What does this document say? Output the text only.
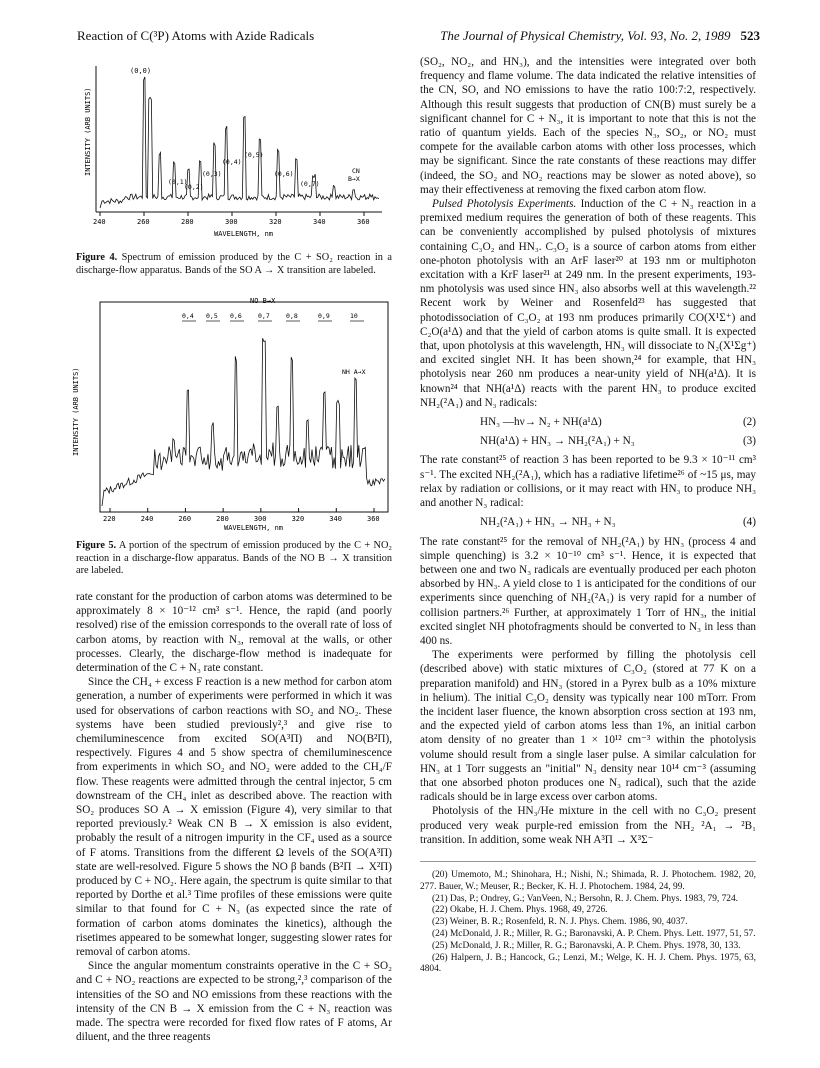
Reaction of C(³P) Atoms with Azide Radicals	The Journal of Physical Chemistry, Vol. 93, No. 2, 1989 523
INTENSITY (ARB UNITS)
240	260	280	300	320	340	360
(0,0)
(0,1)
(0,2)
(0,3)
(0,4)
(0,5)
(0,6)
(0,7)
CN
B→X
WAVELENGTH, nm
Figure 4. Spectrum of emission produced by the C + SO₂ reaction in a discharge-flow apparatus. Bands of the SO A → X transition are labeled.
INTENSITY (ARB UNITS)
220	240	260	280	300	320	340	360
NO B→X
0,4 0,5 0,6	0,7	0,8	0,9	10
NH A→X
WAVELENGTH, nm
Figure 5. A portion of the spectrum of emission produced by the C + NO₂ reaction in a discharge-flow apparatus. Bands of the NO B → X transition are labeled.

rate constant for the production of carbon atoms was determined to be approximately 8 × 10⁻¹² cm³ s⁻¹. Hence, the rapid (and poorly resolved) rise of the emission corresponds to the overall rate of loss of carbon atoms, by reaction with N₃, removal at the walls, or other processes. Clearly, the discharge-flow method is inadequate for determination of the C + N₃ rate constant.

Since the CH₄ + excess F reaction is a new method for carbon atom generation, a number of experiments were performed in which it was used for observations of carbon reactions with SO₂ and NO₂. These systems have been studied previously²,³ and give rise to chemiluminescence from excited SO(A³Π) and NO(B²Π), respectively. Figures 4 and 5 show spectra of chemiluminescence from experiments in which SO₂ and NO₂ were added to the CH₄/F flow. These reagents were admitted through the central injector, 5 cm downstream of the CH₄ inlet as described above. The reaction with SO₂ produces SO A → X emission (Figure 4), very similar to that reported previously.² Weak CN B → X emission is also evident, probably the result of a nitrogen impurity in the CF₄ used as a source of F atoms. Transitions from the different Ω levels of the SO(A³Π) state are well-resolved. Figure 5 shows the NO β bands (B²Π → X²Π) produced by C + NO₂. Here again, the spectrum is quite similar to that reported by Dorthe et al.³ Time profiles of these emissions were quite similar to that found for C + N₃ (as expected since the rate of formation of carbon atoms dominates the kinetics), although the risetimes appeared to be somewhat longer, suggesting slower rates for removal of carbon atoms.

Since the angular momentum constraints operative in the C + SO₂ and C + NO₂ reactions are expected to be strong,²,³ comparison of the intensities of the SO and NO emissions from these reactions with the intensity of the CN B → X emission from the C + N₃ reaction was made. The spectra were recorded for fixed flow rates of F atoms, Ar diluent, and the three reagents

(SO₂, NO₂, and HN₃), and the intensities were integrated over both frequency and flame volume. The data indicated the relative intensities of the CN, SO, and NO emissions to have the ratio 100:7:2, respectively. Although this result suggests that production of CN(B) must surely be a significant channel for C + N₃, it is important to note that this is not the ratio of quantum yields. Each of the species N₃, SO₂, or NO₂ must compete for the available carbon atoms with other loss processes, which may be significant. Since the rate constants of these reactions may differ (indeed, the SO₂ and NO₂ reactions may be slower as noted above), so may their effectiveness at removing the fixed carbon atom flow.

Pulsed Photolysis Experiments. Induction of the C + N₃ reaction in a premixed medium requires the generation of both of these reagents. This can be conveniently accomplished by pulsed photolysis of mixtures containing C₃O₂ and HN₃. C₃O₂ is a source of carbon atoms from either one-photon photolysis with an ArF laser²⁰ at 193 nm or multiphoton excitation with a KrF laser²¹ at 249 nm. In the present experiments, 193-nm photolysis was used since HN₃ also absorbs well at this wavelength.²² Recent work by Weiner and Rosenfeld²³ has suggested that photodissociation of C₃O₂ at 193 nm produces primarily CO(X¹Σ⁺) and C₂O(a¹Δ) and that the yield of carbon atoms is quite small. It is expected that, upon photolysis at this wavelength, HN₃ will dissociate to N₂(X¹Σg⁺) and excited singlet NH. It has been shown,²⁴ for example, that HN₃ photolysis near 260 nm produces a near-unity yield of NH(a¹Δ). It is known²⁴ that NH(a¹Δ) reacts with the parent HN₃ to produce excited NH₂(²A₁) and N₃ radicals:

HN₃ —hν→ N₂ + NH(a¹Δ)	(2)
NH(a¹Δ) + HN₃ → NH₂(²A₁) + N₃	(3)

The rate constant²⁵ of reaction 3 has been reported to be 9.3 × 10⁻¹¹ cm³ s⁻¹. The excited NH₂(²A₁), which has a radiative lifetime²⁶ of ~15 μs, may relax by radiation or collisions, or it may react with HN₃ to produce NH₃ and another N₃ radical:

NH₂(²A₁) + HN₃ → NH₃ + N₃	(4)

The rate constant²⁵ for the removal of NH₂(²A₁) by HN₃ (process 4 and simple quenching) is 3.2 × 10⁻¹⁰ cm³ s⁻¹. Hence, it is expected that between one and two N₃ radicals are eventually produced per each photon absorbed by HN₃. A yield close to 1 is anticipated for the conditions of our experiments since quenching of NH₂(²A₁) is very rapid for a number of collision partners.²⁶ Further, at approximately 1 Torr of HN₃, the initial excited singlet NH photofragments should be converted to N₃ in less than 400 ns.

The experiments were performed by filling the photolysis cell (described above) with static mixtures of C₃O₂ (stored at 77 K on a preparation manifold) and HN₃ (stored in a Pyrex bulb as a 10% mixture in helium). The initial C₃O₂ density was typically near 100 mTorr. From the incident laser fluence, the known absorption cross section at 193 nm, and the expected yield of carbon atoms less than 1%, an initial carbon atom density of no greater than 1 × 10¹² cm⁻³ within the photolysis volume should result from a single laser pulse. A similar calculation for HN₃ at 1 Torr suggests an "initial" N₃ density near 10¹⁴ cm⁻³ (assuming that one absorbed photon produces one N₃ radical), such that the azide radicals should be in large excess over carbon atoms.

Photolysis of the HN₃/He mixture in the cell with no C₃O₂ present produced very weak purple-red emission from the NH₂ ²A₁ → ²B₁ transition. In addition, some weak NH A³Π → X³Σ⁻

(20) Umemoto, M.; Shinohara, H.; Nishi, N.; Shimada, R. J. Photochem. 1982, 20, 277. Bauer, W.; Meuser, R.; Becker, K. H. J. Photochem. 1984, 24, 99.
(21) Das, P.; Ondrey, G.; VanVeen, N.; Bersohn, R. J. Chem. Phys. 1983, 79, 724.
(22) Okabe, H. J. Chem. Phys. 1968, 49, 2726.
(23) Weiner, B. R.; Rosenfeld, R. N. J. Phys. Chem. 1986, 90, 4037.
(24) McDonald, J. R.; Miller, R. G.; Baronavski, A. P. Chem. Phys. Lett. 1977, 51, 57.
(25) McDonald, J. R.; Miller, R. G.; Baronavski, A. P. Chem. Phys. 1978, 30, 133.
(26) Halpern, J. B.; Hancock, G.; Lenzi, M.; Welge, K. H. J. Chem. Phys. 1975, 63, 4804.
